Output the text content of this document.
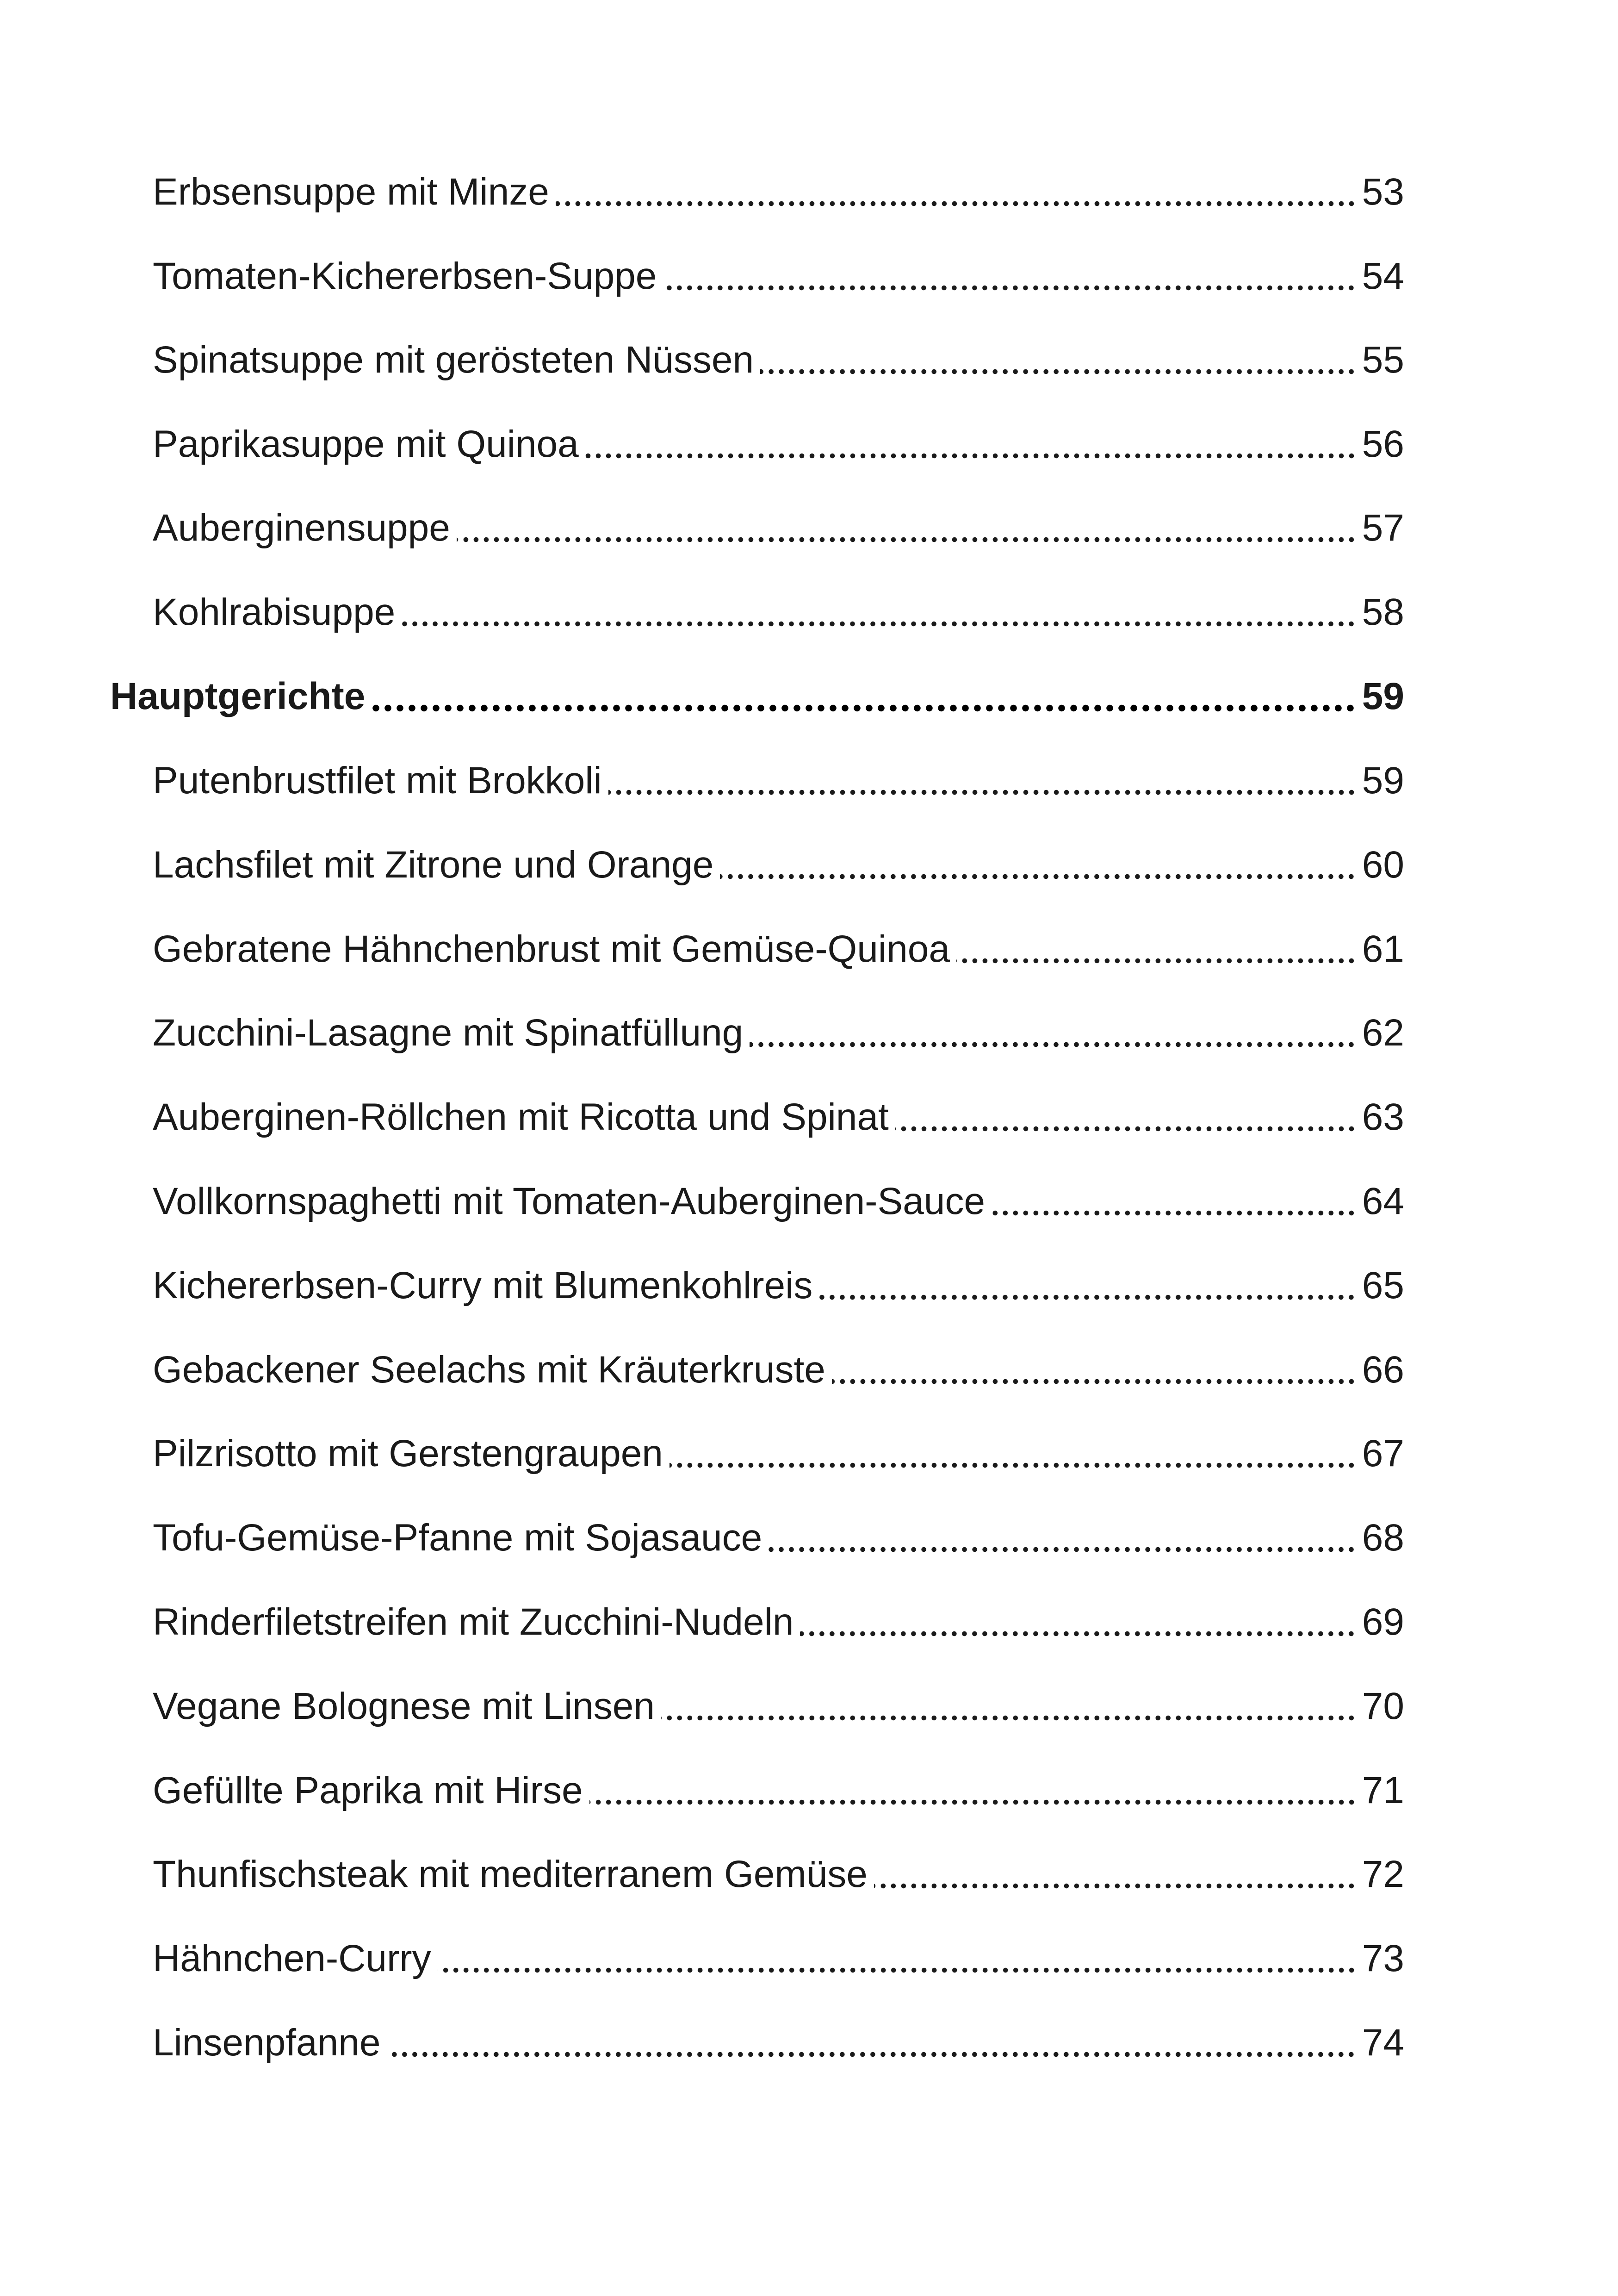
Erbsensuppe mit Minze	53
Tomaten-Kichererbsen-Suppe	54
Spinatsuppe mit gerösteten Nüssen	55
Paprikasuppe mit Quinoa	56
Auberginensuppe	57
Kohlrabisuppe	58
Hauptgerichte	59
Putenbrustfilet mit Brokkoli	59
Lachsfilet mit Zitrone und Orange	60
Gebratene Hähnchenbrust mit Gemüse-Quinoa	61
Zucchini-Lasagne mit Spinatfüllung	62
Auberginen-Röllchen mit Ricotta und Spinat	63
Vollkornspaghetti mit Tomaten-Auberginen-Sauce	64
Kichererbsen-Curry mit Blumenkohlreis	65
Gebackener Seelachs mit Kräuterkruste	66
Pilzrisotto mit Gerstengraupen	67
Tofu-Gemüse-Pfanne mit Sojasauce	68
Rinderfiletstreifen mit Zucchini-Nudeln	69
Vegane Bolognese mit Linsen	70
Gefüllte Paprika mit Hirse	71
Thunfischsteak mit mediterranem Gemüse	72
Hähnchen-Curry	73
Linsenpfanne	74
